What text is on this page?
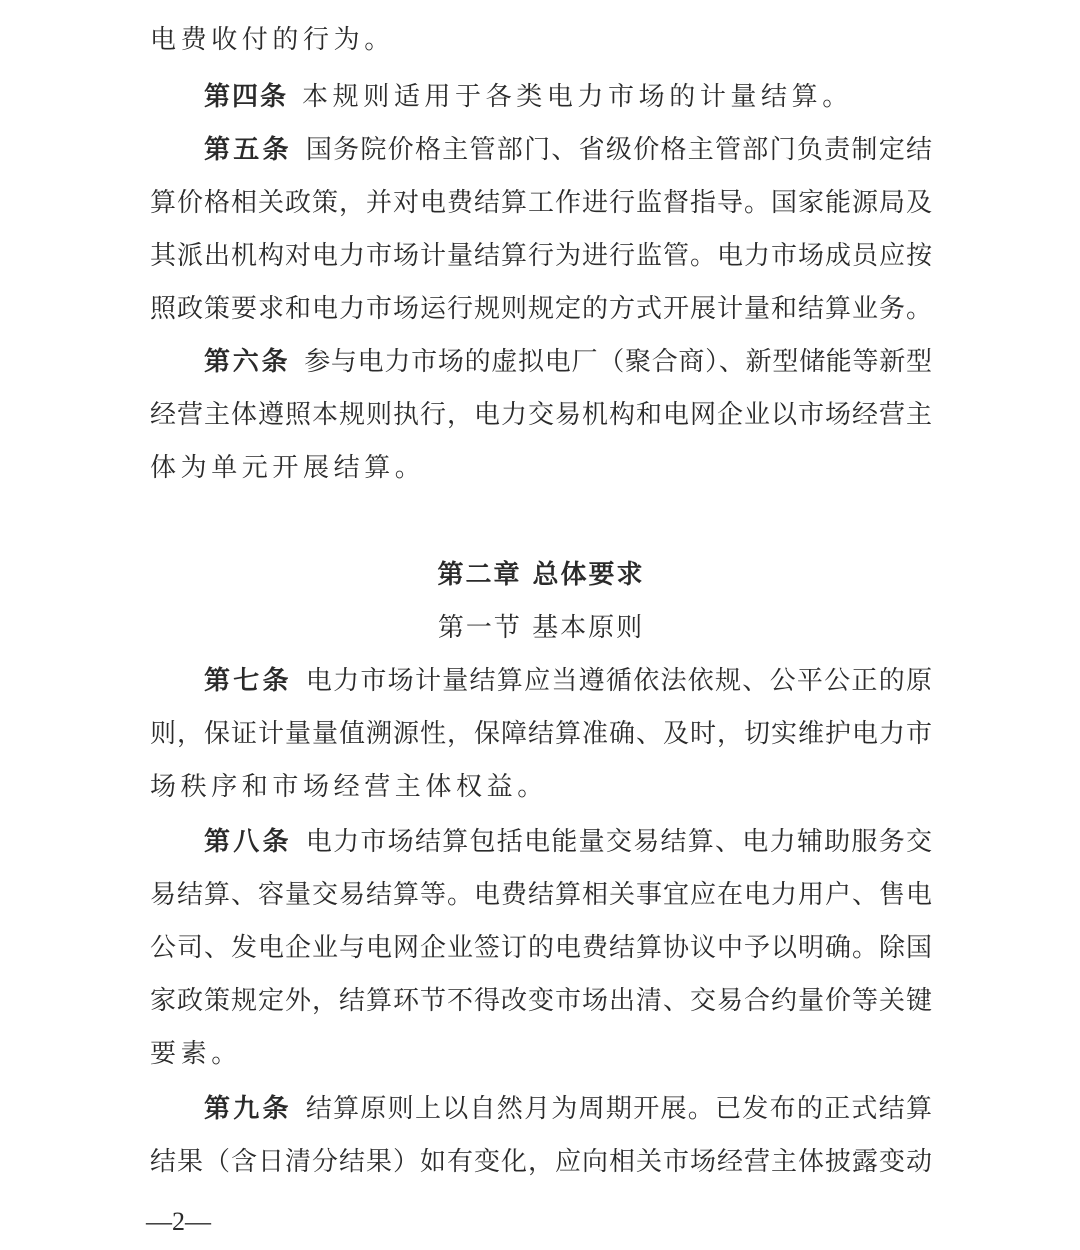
电费收付的行为。
第四条 本规则适用于各类电力市场的计量结算。
第五条 国务院价格主管部门、省级价格主管部门负责制定结
算价格相关政策，并对电费结算工作进行监督指导。国家能源局及
其派出机构对电力市场计量结算行为进行监管。电力市场成员应按
照政策要求和电力市场运行规则规定的方式开展计量和结算业务。
第六条 参与电力市场的虚拟电厂（聚合商）、新型储能等新型
经营主体遵照本规则执行，电力交易机构和电网企业以市场经营主
体为单元开展结算。
第二章 总体要求
第一节 基本原则
第七条 电力市场计量结算应当遵循依法依规、公平公正的原
则，保证计量量值溯源性，保障结算准确、及时，切实维护电力市
场秩序和市场经营主体权益。
第八条 电力市场结算包括电能量交易结算、电力辅助服务交
易结算、容量交易结算等。电费结算相关事宜应在电力用户、售电
公司、发电企业与电网企业签订的电费结算协议中予以明确。除国
家政策规定外，结算环节不得改变市场出清、交易合约量价等关键
要素。
第九条 结算原则上以自然月为周期开展。已发布的正式结算
结果（含日清分结果）如有变化，应向相关市场经营主体披露变动
—2—
